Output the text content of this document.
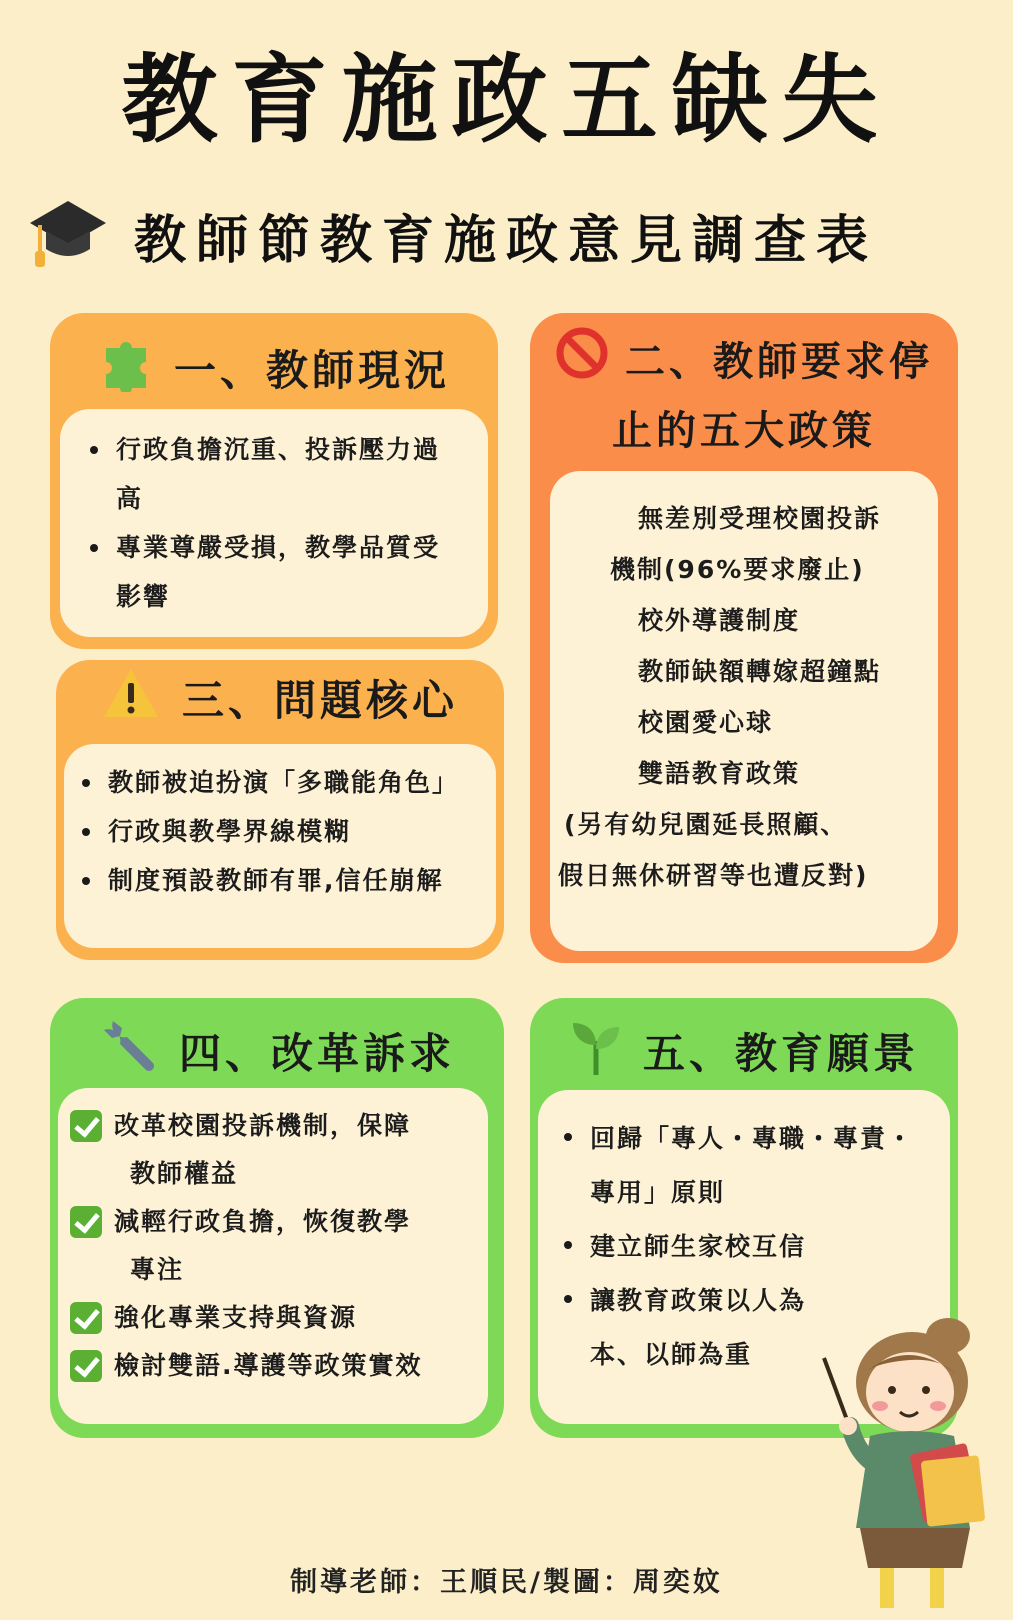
教育施政五缺失
教師節教育施政意見調查表
一、教師現況
行政負擔沉重、投訴壓力過高
專業尊嚴受損，教學品質受影響
三、問題核心
教師被迫扮演「多職能角色」
行政與教學界線模糊
制度預設教師有罪,信任崩解
二、教師要求停
止的五大政策
無差別受理校園投訴
機制(96%要求廢止)
校外導護制度
教師缺額轉嫁超鐘點
校園愛心球
雙語教育政策
(另有幼兒園延長照顧、
假日無休研習等也遭反對)
四、改革訴求
改革校園投訴機制，保障
教師權益
減輕行政負擔，恢復教學
專注
強化專業支持與資源
檢討雙語.導護等政策實效
五、教育願景
回歸「專人・專職・專責・專用」原則
建立師生家校互信
讓教育政策以人為本、以師為重
制導老師：王順民/製圖：周奕妏
